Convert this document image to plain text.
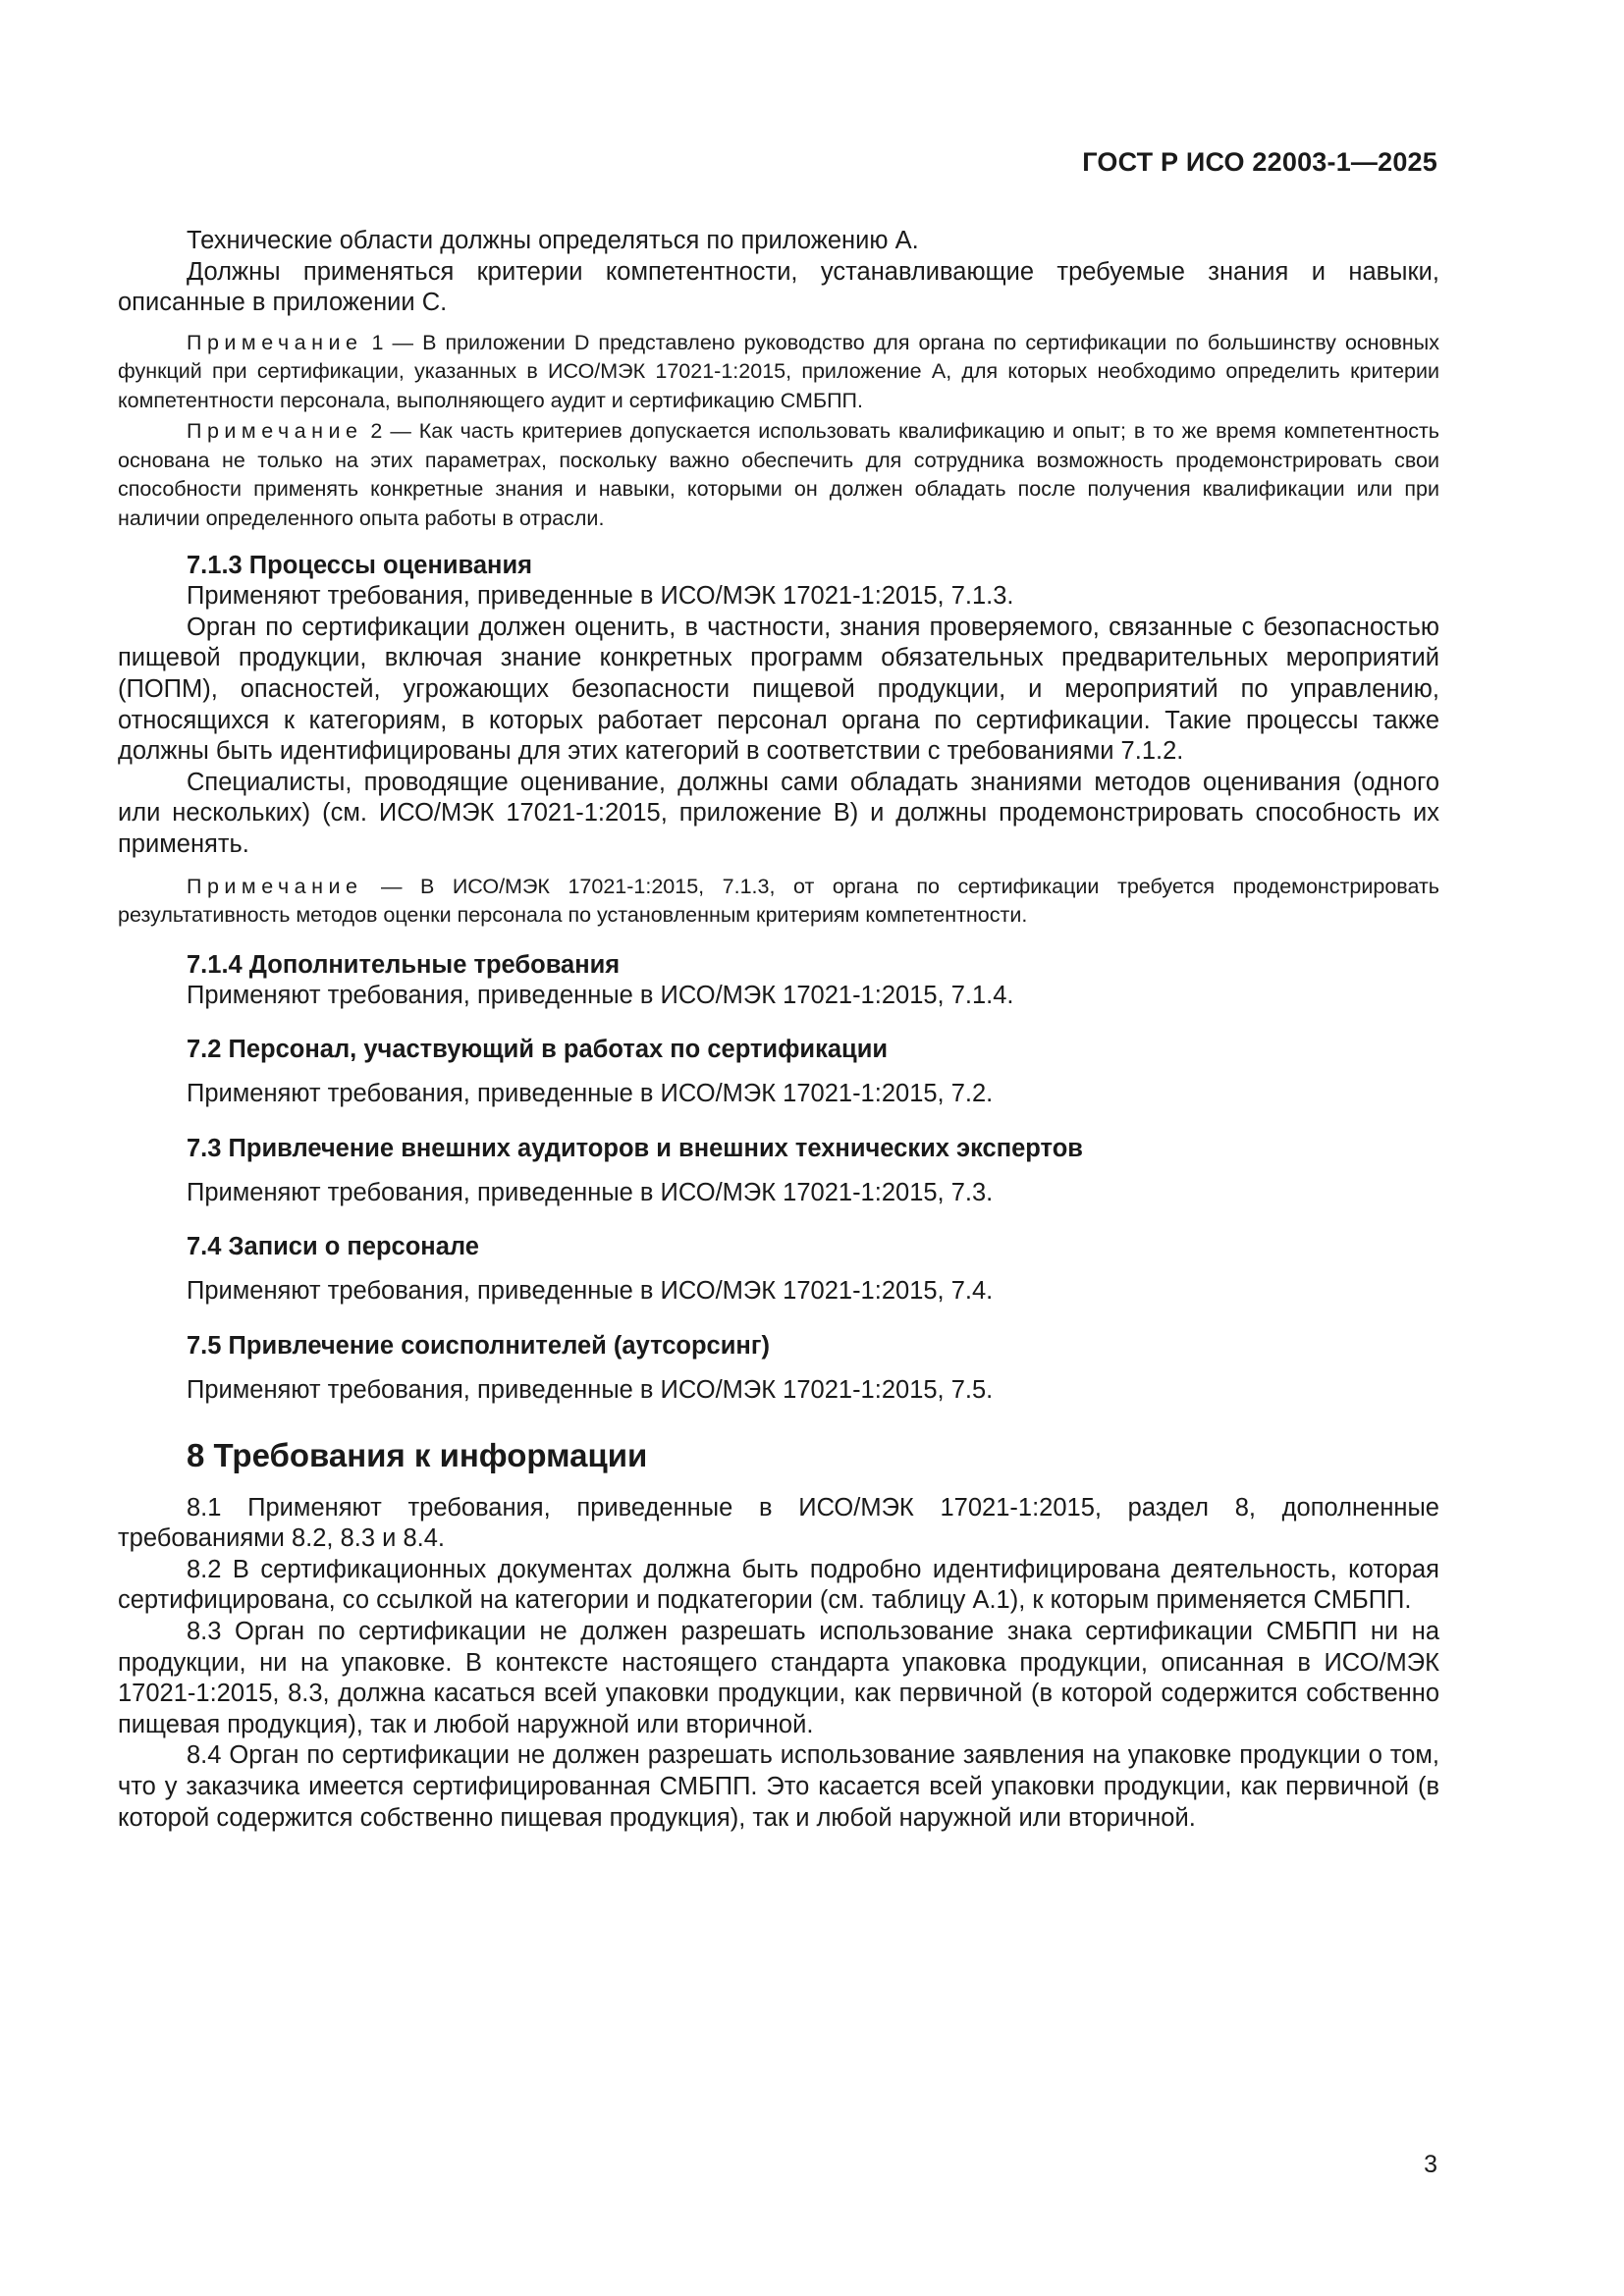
ГОСТ Р ИСО 22003-1—2025

Технические области должны определяться по приложению А.

Должны применяться критерии компетентности, устанавливающие требуемые знания и навыки, описанные в приложении С.

Примечание 1 — В приложении D представлено руководство для органа по сертификации по большинству основных функций при сертификации, указанных в ИСО/МЭК 17021-1:2015, приложение А, для которых необходимо определить критерии компетентности персонала, выполняющего аудит и сертификацию СМБПП.

Примечание 2 — Как часть критериев допускается использовать квалификацию и опыт; в то же время компетентность основана не только на этих параметрах, поскольку важно обеспечить для сотрудника возможность продемонстрировать свои способности применять конкретные знания и навыки, которыми он должен обладать после получения квалификации или при наличии определенного опыта работы в отрасли.

7.1.3 Процессы оценивания

Применяют требования, приведенные в ИСО/МЭК 17021-1:2015, 7.1.3.

Орган по сертификации должен оценить, в частности, знания проверяемого, связанные с безопасностью пищевой продукции, включая знание конкретных программ обязательных предварительных мероприятий (ПОПМ), опасностей, угрожающих безопасности пищевой продукции, и мероприятий по управлению, относящихся к категориям, в которых работает персонал органа по сертификации. Такие процессы также должны быть идентифицированы для этих категорий в соответствии с требованиями 7.1.2.

Специалисты, проводящие оценивание, должны сами обладать знаниями методов оценивания (одного или нескольких) (см. ИСО/МЭК 17021-1:2015, приложение В) и должны продемонстрировать способность их применять.

Примечание — В ИСО/МЭК 17021-1:2015, 7.1.3, от органа по сертификации требуется продемонстрировать результативность методов оценки персонала по установленным критериям компетентности.

7.1.4 Дополнительные требования

Применяют требования, приведенные в ИСО/МЭК 17021-1:2015, 7.1.4.

7.2 Персонал, участвующий в работах по сертификации

Применяют требования, приведенные в ИСО/МЭК 17021-1:2015, 7.2.

7.3 Привлечение внешних аудиторов и внешних технических экспертов

Применяют требования, приведенные в ИСО/МЭК 17021-1:2015, 7.3.

7.4 Записи о персонале

Применяют требования, приведенные в ИСО/МЭК 17021-1:2015, 7.4.

7.5 Привлечение соисполнителей (аутсорсинг)

Применяют требования, приведенные в ИСО/МЭК 17021-1:2015, 7.5.

8 Требования к информации

8.1 Применяют требования, приведенные в ИСО/МЭК 17021-1:2015, раздел 8, дополненные требованиями 8.2, 8.3 и 8.4.

8.2 В сертификационных документах должна быть подробно идентифицирована деятельность, которая сертифицирована, со ссылкой на категории и подкатегории (см. таблицу А.1), к которым применяется СМБПП.

8.3 Орган по сертификации не должен разрешать использование знака сертификации СМБПП ни на продукции, ни на упаковке. В контексте настоящего стандарта упаковка продукции, описанная в ИСО/МЭК 17021-1:2015, 8.3, должна касаться всей упаковки продукции, как первичной (в которой содержится собственно пищевая продукция), так и любой наружной или вторичной.

8.4 Орган по сертификации не должен разрешать использование заявления на упаковке продукции о том, что у заказчика имеется сертифицированная СМБПП. Это касается всей упаковки продукции, как первичной (в которой содержится собственно пищевая продукция), так и любой наружной или вторичной.

3
